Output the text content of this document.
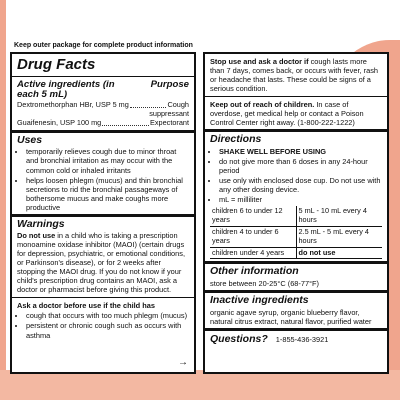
Keep outer package for complete product information
Drug Facts
Active ingredients (in each 5 mL)
Purpose
Dextromethorphan HBr, USP 5 mg	Cough
suppressant
Guaifenesin, USP 100 mg	Expectorant
Uses
• temporarily relieves cough due to minor throat and bronchial irritation as may occur with the common cold or inhaled irritants
• helps loosen phlegm (mucus) and thin bronchial secretions to rid the bronchial passageways of bothersome mucus and make coughs more productive
Warnings
Do not use in a child who is taking a prescription monoamine oxidase inhibitor (MAOI) (certain drugs for depression, psychiatric, or emotional conditions, or Parkinson's disease), or for 2 weeks after stopping the MAOI drug. If you do not know if your child's prescription drug contains an MAOI, ask a doctor or pharmacist before giving this product.
Ask a doctor before use if the child has
• cough that occurs with too much phlegm (mucus)
• persistent or chronic cough such as occurs with asthma
→
Stop use and ask a doctor if cough lasts more than 7 days, comes back, or occurs with fever, rash or headache that lasts. These could be signs of a serious condition.
Keep out of reach of children. In case of overdose, get medical help or contact a Poison Control Center right away. (1-800-222-1222)
Directions
• SHAKE WELL BEFORE USING
• do not give more than 6 doses in any 24-hour period
• use only with enclosed dose cup. Do not use with any other dosing device.
• mL = milliliter
children 6 to under 12 years	5 mL - 10 mL every 4 hours
children 4 to under 6 years	2.5 mL - 5 mL every 4 hours
children under 4 years	do not use
Other information
store between 20-25°C (68-77°F)
Inactive ingredients
organic agave syrup, organic blueberry flavor, natural citrus extract, natural flavor, purified water
Questions? 1-855-436-3921
